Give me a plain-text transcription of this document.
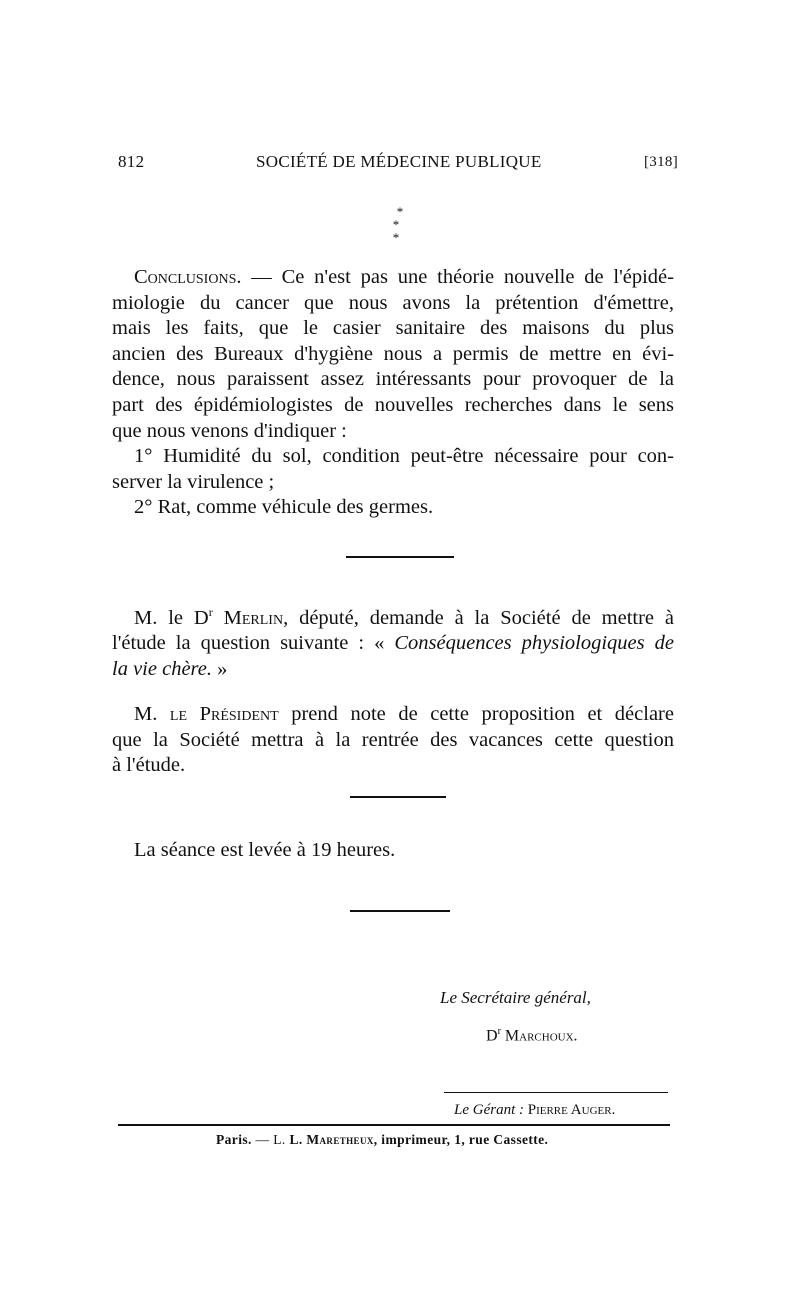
812	SOCIÉTÉ DE MÉDECINE PUBLIQUE	[318]
*
* *
Conclusions. — Ce n'est pas une théorie nouvelle de l'épidé-
miologie du cancer que nous avons la prétention d'émettre,
mais les faits, que le casier sanitaire des maisons du plus
ancien des Bureaux d'hygiène nous a permis de mettre en évi-
dence, nous paraissent assez intéressants pour provoquer de la
part des épidémiologistes de nouvelles recherches dans le sens
que nous venons d'indiquer :
1° Humidité du sol, condition peut-être nécessaire pour con-
server la virulence ;
2° Rat, comme véhicule des germes.
M. le $D^r$ Merlin, député, demande à la Société de mettre à
l'étude la question suivante : « Conséquences physiologiques de
la vie chère. »
M. le Président prend note de cette proposition et déclare
que la Société mettra à la rentrée des vacances cette question
à l'étude.
La séance est levée à 19 heures.
Le Secrétaire général,
$D^r$ Marchoux.
Le Gérant : Pierre Auger.
Paris. — L. L. Maretheux, imprimeur, 1, rue Cassette.
